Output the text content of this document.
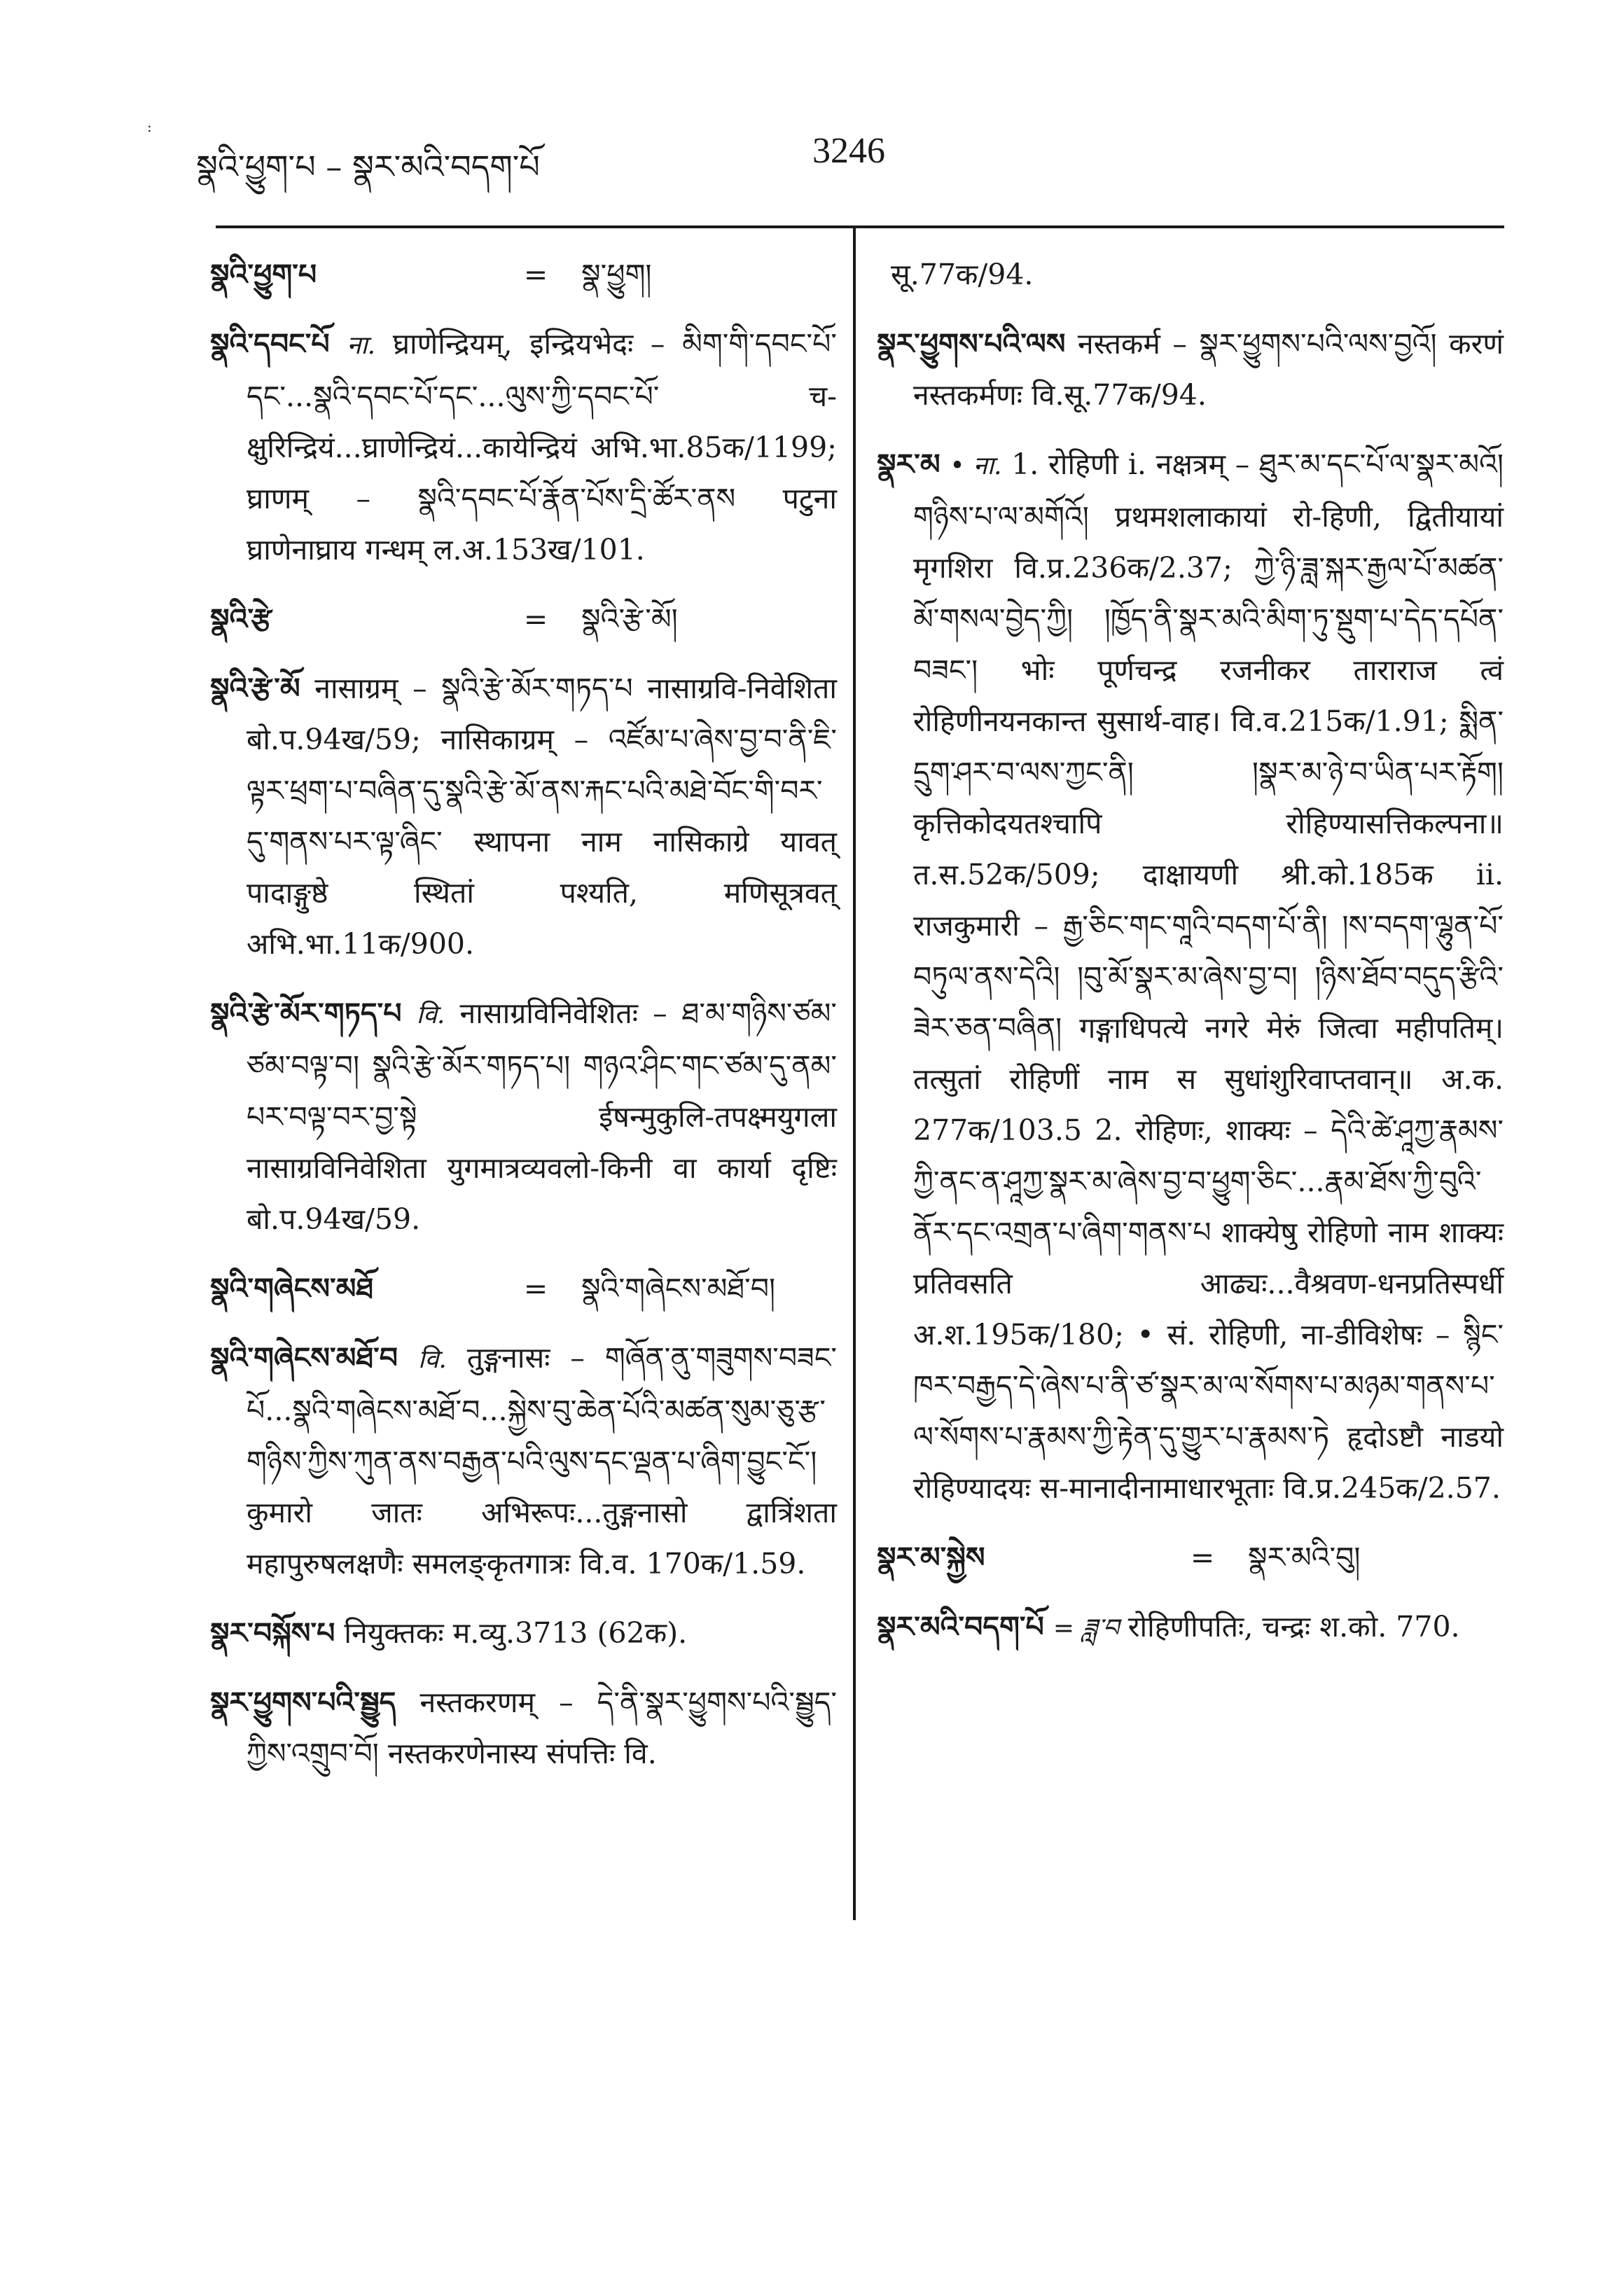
:
སྣའི་ཕྱུག་པ – སྣར་མའི་བདག་པོ	3246
སྣའི་ཕྱུག་པ	=	སྣ་ཕྱུག།
སྣའི་དབང་པོ ना. घ्राणेन्द्रियम्, इन्द्रियभेदः – མིག་གི་དབང་པོ་དང་...སྣའི་དབང་པོ་དང་...ལུས་ཀྱི་དབང་པོ་ च-क्षुरिन्द्रियं...घ्राणेन्द्रियं...कायेन्द्रियं अभि.भा.85क/1199; घ्राणम् – སྣའི་དབང་པོ་རྣོན་པོས་དྲི་ཚོར་ནས पटुना घ्राणेनाघ्राय गन्धम् ल.अ.153ख/101.
སྣའི་རྩེ	=	སྣའི་རྩེ་མོ།
སྣའི་རྩེ་མོ नासाग्रम् – སྣའི་རྩེ་མོར་གཏད་པ नासाग्रवि-निवेशिता बो.प.94ख/59; नासिकाग्रम् – འཛོམ་པ་ཞེས་བྱ་བ་ནི་ཇི་ལྟར་ཕྲག་པ་བཞིན་དུ་སྣའི་རྩེ་མོ་ནས་རྐང་པའི་མཐེ་བོང་གི་བར་དུ་གནས་པར་ལྟ་ཞིང་ स्थापना नाम नासिकाग्रे यावत् पादाङ्गुष्ठे स्थितां पश्यति, मणिसूत्रवत् अभि.भा.11क/900.
སྣའི་རྩེ་མོར་གཏད་པ वि. नासाग्रविनिवेशितः – ཐ་མ་གཉིས་ཙམ་ཙམ་བལྟ་བ། སྣའི་རྩེ་མོར་གཏད་པ། གཉའ་ཤིང་གང་ཙམ་དུ་ནམ་པར་བལྟ་བར་བྱ་སྟེ ईषन्मुकुलि-तपक्ष्मयुगला नासाग्रविनिवेशिता युगमात्रव्यवलो-किनी वा कार्या दृष्टिः बो.प.94ख/59.
སྣའི་གཞེངས་མཐོ	=	སྣའི་གཞེངས་མཐོ་བ།
སྣའི་གཞེངས་མཐོ་བ वि. तुङ्गनासः – གཞོན་ནུ་གཟུགས་བཟང་པོ...སྣའི་གཞེངས་མཐོ་བ...སྐྱེས་བུ་ཆེན་པོའི་མཚན་སུམ་ཅུ་རྩ་གཉིས་ཀྱིས་ཀུན་ནས་བརྒྱན་པའི་ལུས་དང་ལྡན་པ་ཞིག་བྱུང་ངོ་། कुमारो जातः अभिरूपः...तुङ्गनासो द्वात्रिंशता महापुरुषलक्षणैः समलङ्कृतगात्रः वि.व. 170क/1.59.
སྣར་བསྐོས་པ नियुक्तकः म.व्यु.3713 (62क).
སྣར་ཕྱུགས་པའི་སྦྱུད नस्तकरणम् – དེ་ནི་སྣར་ཕྱུགས་པའི་སྦྱུད་ཀྱིས་འགྲུབ་བོ། नस्तकरणेनास्य संपत्तिः वि.
सू.77क/94.
སྣར་ཕྱུགས་པའི་ལས नस्तकर्म – སྣར་ཕྱུགས་པའི་ལས་བྱའོ། करणं नस्तकर्मणः वि.सू.77क/94.
སྣར་མ • ना. 1. रोहिणी i. नक्षत्रम् – ཐུར་མ་དང་པོ་ལ་སྣར་མའོ། གཉིས་པ་ལ་མགོའོ། प्रथमशलाकायां रो-हिणी, द्वितीयायां मृगशिरा वि.प्र.236क/2.37; ཀྱེ་ཉི་ཟླ་སྐར་རྒྱལ་པོ་མཚན་མོ་གསལ་བྱེད་ཀྱི། །ཁྱོད་ནི་སྣར་མའི་མིག་ཏུ་སྡུག་པ་དེད་དཔོན་བཟང་། भोः पूर्णचन्द्र रजनीकर ताराराज त्वं रोहिणीनयनकान्त सुसार्थ-वाह। वि.व.215क/1.91; སྨིན་དྲུག་ཤར་བ་ལས་ཀྱང་ནི། །སྣར་མ་ཉེ་བ་ཡིན་པར་རྟོག། कृत्तिकोदयतश्चापि रोहिण्यासत्तिकल्पना॥ त.स.52क/509; दाक्षायणी श्री.को.185क ii. राजकुमारी – རྒྱ་ཅིང་གང་གཱའི་བདག་པོ་ནི། །ས་བདག་ལྷུན་པོ་བཏུལ་ནས་དེའི། །བུ་མོ་སྣར་མ་ཞེས་བྱ་བ། །ཉིས་ཐོབ་བདུད་རྩིའི་ཟེར་ཅན་བཞིན། गङ्गाधिपत्ये नगरे मेरुं जित्वा महीपतिम्। तत्सुतां रोहिणीं नाम स सुधांशुरिवाप्तवान्॥ अ.क. 277क/103.5 2. रोहिणः, शाक्यः – དེའི་ཚེ་ཤཱཀྱ་རྣམས་ཀྱི་ནང་ན་ཤཱཀྱ་སྣར་མ་ཞེས་བྱ་བ་ཕྱུག་ཅིང་...རྣམ་ཐོས་ཀྱི་བུའི་ནོར་དང་འགྲན་པ་ཞིག་གནས་པ शाक्येषु रोहिणो नाम शाक्यः प्रतिवसति आढ्यः...वैश्रवण-धनप्रतिस्पर्धी अ.श.195क/180; • सं. रोहिणी, ना-डीविशेषः – སྙིང་ཁར་བརྒྱད་དེ་ཞེས་པ་ནི་ཙ་སྣར་མ་ལ་སོགས་པ་མཉམ་གནས་པ་ལ་སོགས་པ་རྣམས་ཀྱི་རྟེན་དུ་གྱུར་པ་རྣམས་ཏེ हृदोऽष्टौ नाडयो रोहिण्यादयः स-मानादीनामाधारभूताः वि.प्र.245क/2.57.
སྣར་མ་སྐྱེས	=	སྣར་མའི་བུ།
སྣར་མའི་བདག་པོ = ཟླ་བ रोहिणीपतिः, चन्द्रः श.को. 770.
